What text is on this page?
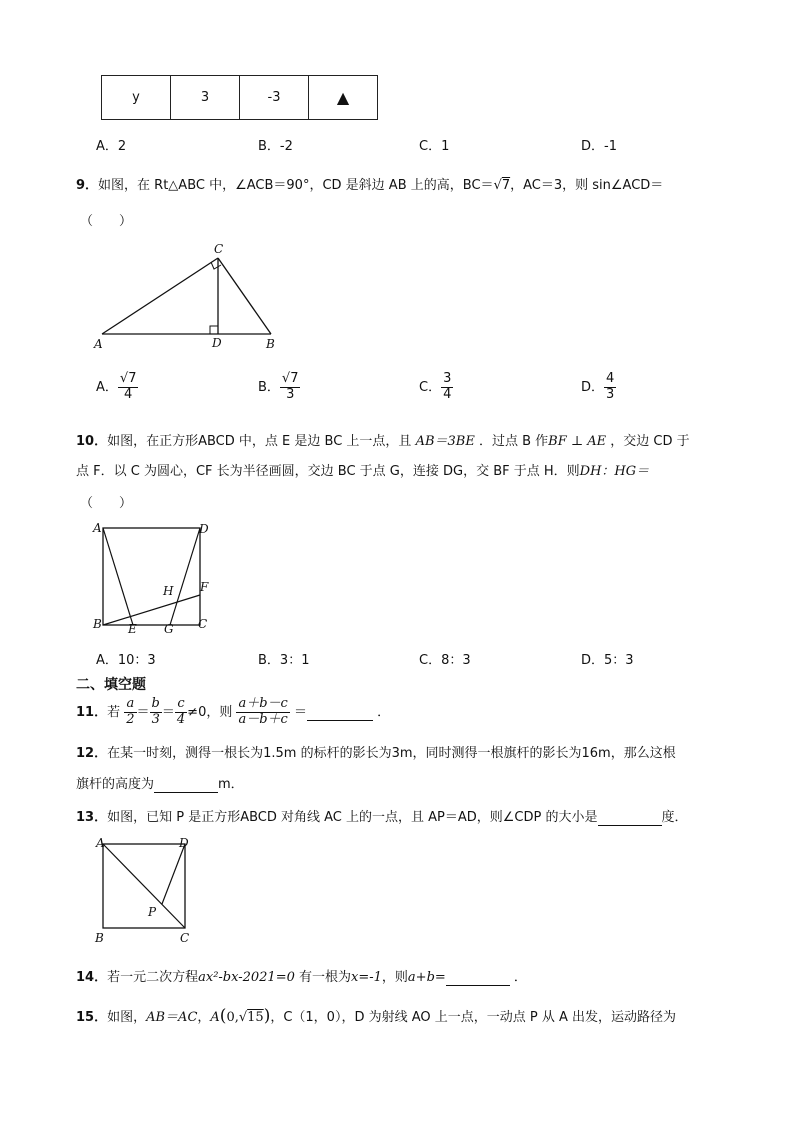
y	3	-3	▲
A．2	B．-2	C．1	D．-1
9．如图，在 Rt△ABC 中，∠ACB＝90°，CD 是斜边 AB 上的高，BC＝√7，AC＝3，则 sin∠ACD＝
（　　）
A	D	B
C
A． $\frac{√7}{4}$	B． $\frac{√7}{3}$	C． $\frac{3}{4}$	D． $\frac{4}{3}$
10．如图，在正方形ABCD 中，点 E 是边 BC 上一点，且 AB＝3BE ．过点 B 作BF ⊥ AE ，交边 CD 于
点 F．以 C 为圆心，CF 长为半径画圆，交边 BC 于点 G，连接 DG，交 BF 于点 H．则DH：HG＝
（　　）
A	D
B	C
E G
F
H
A．10：3	B．3：1	C．8：3	D．5：3
二、填空题
11．若 $\frac{a}{2} = \frac{b}{3} = \frac{c}{4} \ne 0$，则 $\frac{a+b-c}{a-b+c}$ ＝	．
12．在某一时刻，测得一根长为1.5m 的标杆的影长为3m，同时测得一根旗杆的影长为16m，那么这根
旗杆的高度为	m．
13．如图，已知 P 是正方形ABCD 对角线 AC 上的一点，且 AP＝AD，则∠CDP 的大小是	度．
A	D
B	C
P
14．若一元二次方程ax²-bx-2021=0 有一根为x=-1，则a+b=	．
15．如图，AB＝AC，A(0,√15)，C（1，0），D 为射线 AO 上一点，一动点 P 从 A 出发，运动路径为
